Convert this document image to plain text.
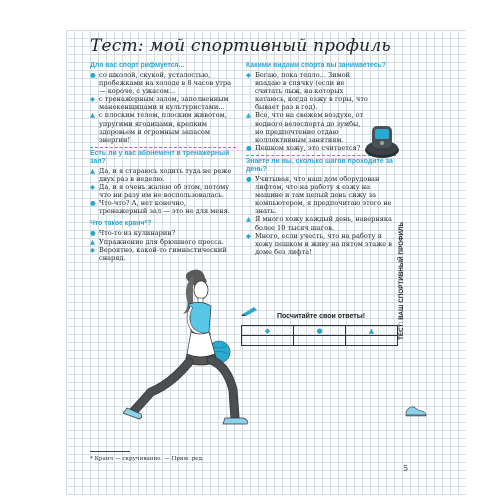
Тест: мой спортивный профиль
Для вас спорт рифмуется...
● со школой, скукой, усталостью, пробежками на холоде в 8 часов утра — короче, с ужасом...
◆ с тренажерным залом, заполненным манекенщицами и культуристами...
▲ с плоским телом, плоским животом, упругими ягодицами, крепким здоровьем и огромным запасом энергии!
Есть ли у вас абонемент в тренажерный зал?
▲ Да, и я стараюсь ходить туда не реже двух раз в неделю.
◆ Да, и я очень жалею об этом, потому что ни разу им не воспользовалась.
● Что-что? А, нет конечно, тренажерный зал — это не для меня.
Что такое кранч*?
● Что-то из кулинарии?
▲ Упражнение для брюшного пресса.
◆ Вероятно, какой-то гимнастический снаряд.
Какими видами спорта вы занимаетесь?
◆ Бегаю, пока тепло... Зимой впадаю в спячку (если не считать лыж, на которых катаюсь, когда езжу в горы, что бывает раз в год).
▲ Все, что на свежем воздухе, от водного велоспорта до зумбы, но предпочтение отдаю коллективным занятиям.
● Пешком хожу, это считается?
Знаете ли вы, сколько шагов проходите за день?
● Учитывая, что наш дом оборудован лифтом, что на работу я езжу на машине и там целый день сижу за компьютером, я предпочитаю этого не знать.
▲ Я много хожу каждый день, наверняка более 10 тысяч шагов.
◆ Много, если учесть, что на работу я хожу пешком и живу на пятом этаже в доме без лифта!
Посчитайте свои ответы!
◆	●	▲
* Кранч — скручивание. — Прим. ред.
5
ТЕСТ: ВАШ СПОРТИВНЫЙ ПРОФИЛЬ
